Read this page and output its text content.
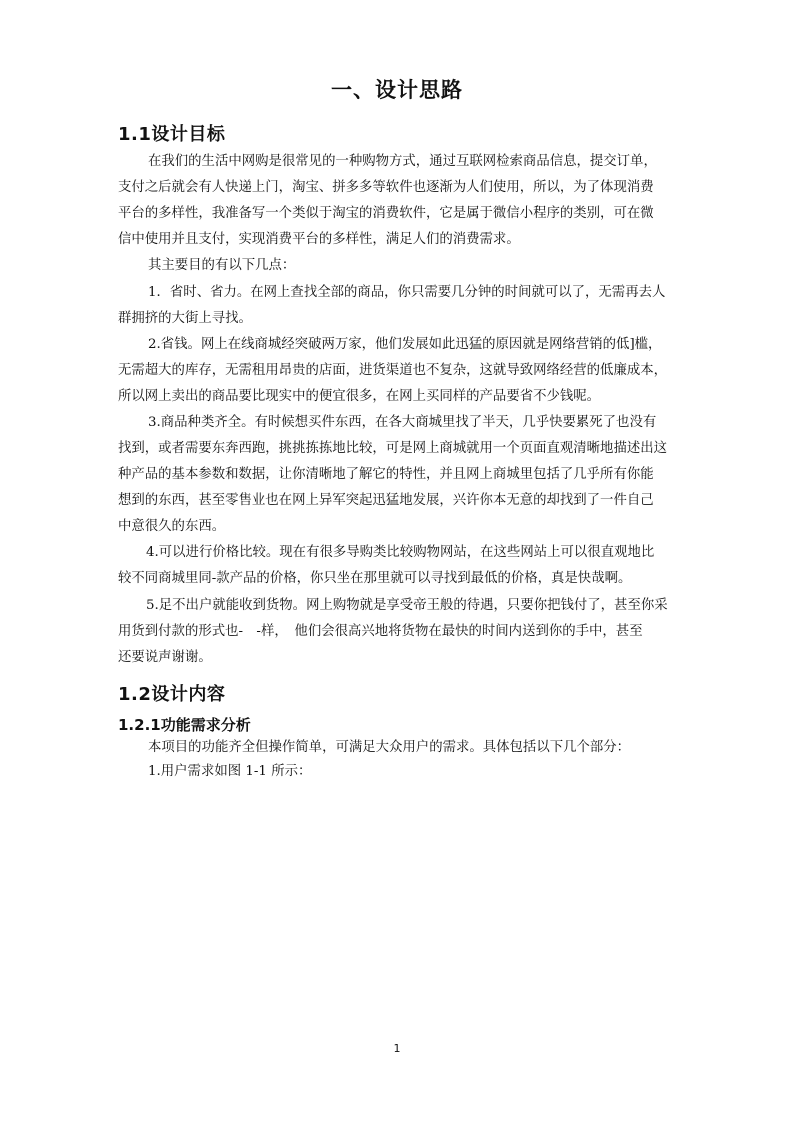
一、设计思路
1.1设计目标
在我们的生活中网购是很常见的一种购物方式，通过互联网检索商品信息，提交订单，
支付之后就会有人快递上门，淘宝、拼多多等软件也逐渐为人们使用，所以，为了体现消费
平台的多样性，我准备写一个类似于淘宝的消费软件，它是属于微信小程序的类别，可在微
信中使用并且支付，实现消费平台的多样性，满足人们的消费需求。
其主要目的有以下几点：
1．省时、省力。在网上查找全部的商品，你只需要几分钟的时间就可以了，无需再去人
群拥挤的大街上寻找。
2.省钱。网上在线商城经突破两万家，他们发展如此迅猛的原因就是网络营销的低]槛，
无需超大的库存，无需租用昂贵的店面，进货渠道也不复杂，这就导致网络经营的低廉成本，
所以网上卖出的商品要比现实中的便宜很多，在网上买同样的产品要省不少钱呢。
3.商品种类齐全。有时候想买件东西，在各大商城里找了半天，几乎快要累死了也没有
找到，或者需要东奔西跑，挑挑拣拣地比较，可是网上商城就用一个页面直观清晰地描述出这
种产品的基本参数和数据，让你清晰地了解它的特性，并且网上商城里包括了几乎所有你能
想到的东西，甚至零售业也在网上异军突起迅猛地发展，兴许你本无意的却找到了一件自己
中意很久的东西。
4.可以进行价格比较。现在有很多导购类比较购物网站，在这些网站上可以很直观地比
较不同商城里同-款产品的价格，你只坐在那里就可以寻找到最低的价格，真是快哉啊。
5.足不出户就能收到货物。网上购物就是享受帝王般的待遇，只要你把钱付了，甚至你采
用货到付款的形式也-　-样，　他们会很高兴地将货物在最快的时间内送到你的手中，甚至
还要说声谢谢。
1.2设计内容
1.2.1功能需求分析
本项目的功能齐全但操作简单，可满足大众用户的需求。具体包括以下几个部分：
1.用户需求如图 1-1 所示：
1
